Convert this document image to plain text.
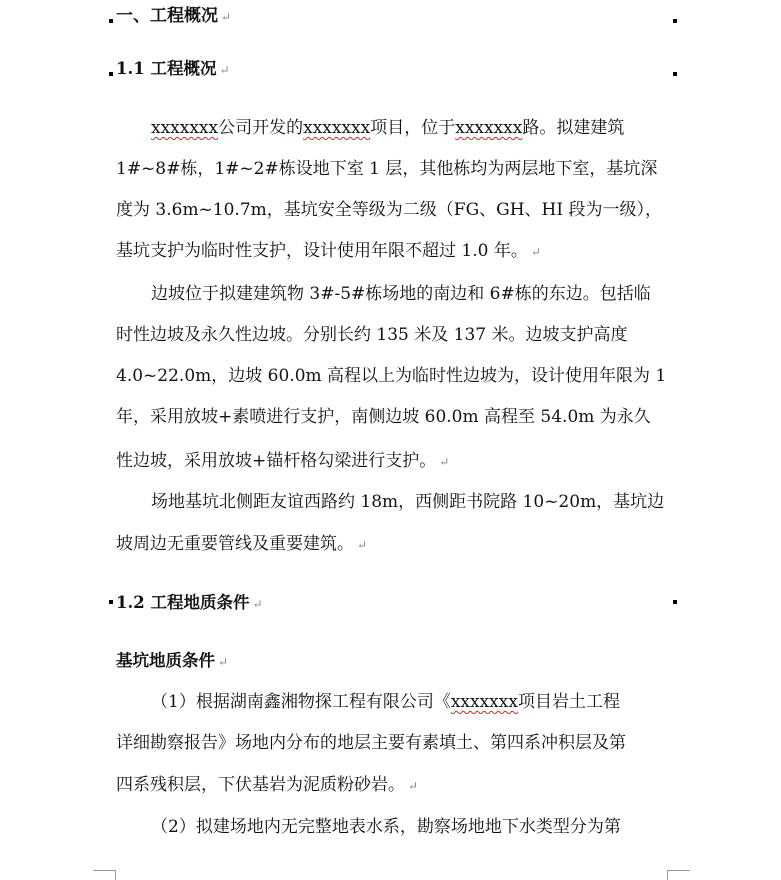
一、工程概况 ↵
1.1 工程概况 ↵
xxxxxxx公司开发的xxxxxxx项目，位于xxxxxxx路。拟建建筑
1#~8#栋，1#~2#栋设地下室 1 层，其他栋均为两层地下室，基坑深
度为 3.6m~10.7m，基坑安全等级为二级（FG、GH、HI 段为一级），
基坑支护为临时性支护，设计使用年限不超过 1.0 年。 ↵
边坡位于拟建建筑物 3#-5#栋场地的南边和 6#栋的东边。包括临
时性边坡及永久性边坡。分别长约 135 米及 137 米。边坡支护高度
4.0~22.0m，边坡 60.0m 高程以上为临时性边坡为，设计使用年限为 1
年，采用放坡+素喷进行支护，南侧边坡 60.0m 高程至 54.0m 为永久
性边坡，采用放坡+锚杆格勾梁进行支护。 ↵
场地基坑北侧距友谊西路约 18m，西侧距书院路 10~20m，基坑边
坡周边无重要管线及重要建筑。 ↵
1.2 工程地质条件 ↵
基坑地质条件 ↵
（1）根据湖南鑫湘物探工程有限公司《xxxxxxx项目岩土工程
详细勘察报告》场地内分布的地层主要有素填土、第四系冲积层及第
四系残积层，下伏基岩为泥质粉砂岩。 ↵
（2）拟建场地内无完整地表水系，勘察场地地下水类型分为第
